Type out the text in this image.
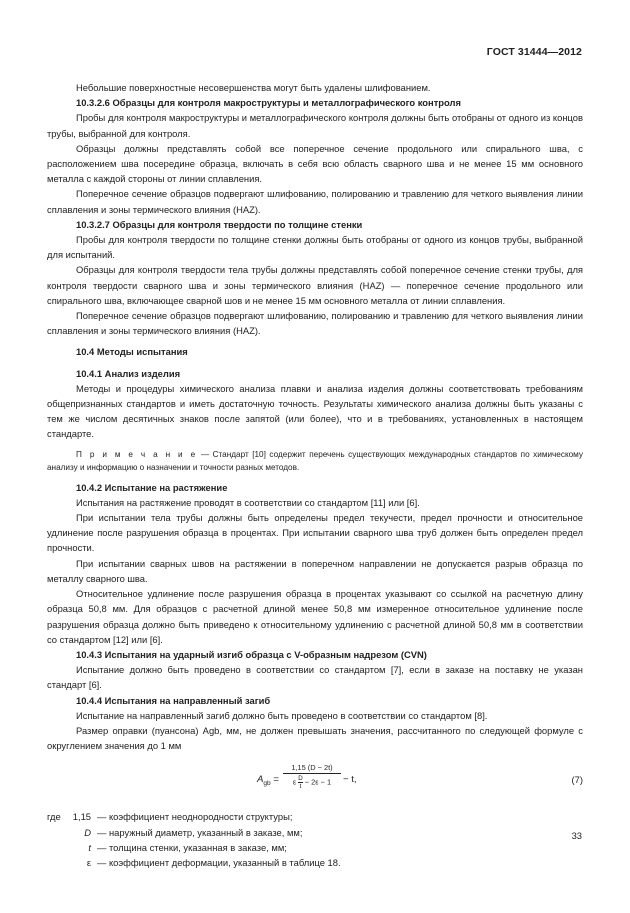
ГОСТ 31444—2012

Небольшие поверхностные несовершенства могут быть удалены шлифованием.

10.3.2.6 Образцы для контроля макроструктуры и металлографического контроля

Пробы для контроля макроструктуры и металлографического контроля должны быть отобраны от одного из концов трубы, выбранной для контроля.

Образцы должны представлять собой все поперечное сечение продольного или спирального шва, с расположением шва посередине образца, включать в себя всю область сварного шва и не менее 15 мм основного металла с каждой стороны от линии сплавления.

Поперечное сечение образцов подвергают шлифованию, полированию и травлению для четкого выявления линии сплавления и зоны термического влияния (HAZ).

10.3.2.7 Образцы для контроля твердости по толщине стенки

Пробы для контроля твердости по толщине стенки должны быть отобраны от одного из концов трубы, выбранной для испытаний.

Образцы для контроля твердости тела трубы должны представлять собой поперечное сечение стенки трубы, для контроля твердости сварного шва и зоны термического влияния (HAZ) — поперечное сечение продольного или спирального шва, включающее сварной шов и не менее 15 мм основного металла от линии сплавления.

Поперечное сечение образцов подвергают шлифованию, полированию и травлению для четкого выявления линии сплавления и зоны термического влияния (HAZ).

10.4 Методы испытания

10.4.1 Анализ изделия

Методы и процедуры химического анализа плавки и анализа изделия должны соответствовать требованиям общепризнанных стандартов и иметь достаточную точность. Результаты химического анализа должны быть указаны с тем же числом десятичных знаков после запятой (или более), что и в требованиях, установленных в настоящем стандарте.

П р и м е ч а н и е — Стандарт [10] содержит перечень существующих международных стандартов по химическому анализу и информацию о назначении и точности разных методов.

10.4.2 Испытание на растяжение

Испытания на растяжение проводят в соответствии со стандартом [11] или [6].

При испытании тела трубы должны быть определены предел текучести, предел прочности и относительное удлинение после разрушения образца в процентах. При испытании сварного шва труб должен быть определен предел прочности.

При испытании сварных швов на растяжении в поперечном направлении не допускается разрыв образца по металлу сварного шва.

Относительное удлинение после разрушения образца в процентах указывают со ссылкой на расчетную длину образца 50,8 мм. Для образцов с расчетной длиной менее 50,8 мм измеренное относительное удлинение после разрушения образца должно быть приведено к относительному удлинению с расчетной длиной 50,8 мм в соответствии со стандартом [12] или [6].

10.4.3 Испытания на ударный изгиб образца с V-образным надрезом (CVN)

Испытание должно быть проведено в соответствии со стандартом [7], если в заказе на поставку не указан стандарт [6].

10.4.4 Испытания на направленный загиб

Испытание на направленный загиб должно быть проведено в соответствии со стандартом [8].

Размер оправки (пуансона) Agb, мм, не должен превышать значения, рассчитанного по следующей формуле с округлением значения до 1 мм

$A_{gb} = \frac{1,15 (D - 2t)}{\varepsilon \frac{D}{t} - 2\varepsilon - 1} - t$,	(7)
где	1,15 — коэффициент неоднородности структуры;
D — наружный диаметр, указанный в заказе, мм;
t — толщина стенки, указанная в заказе, мм;
ε — коэффициент деформации, указанный в таблице 18.
33
